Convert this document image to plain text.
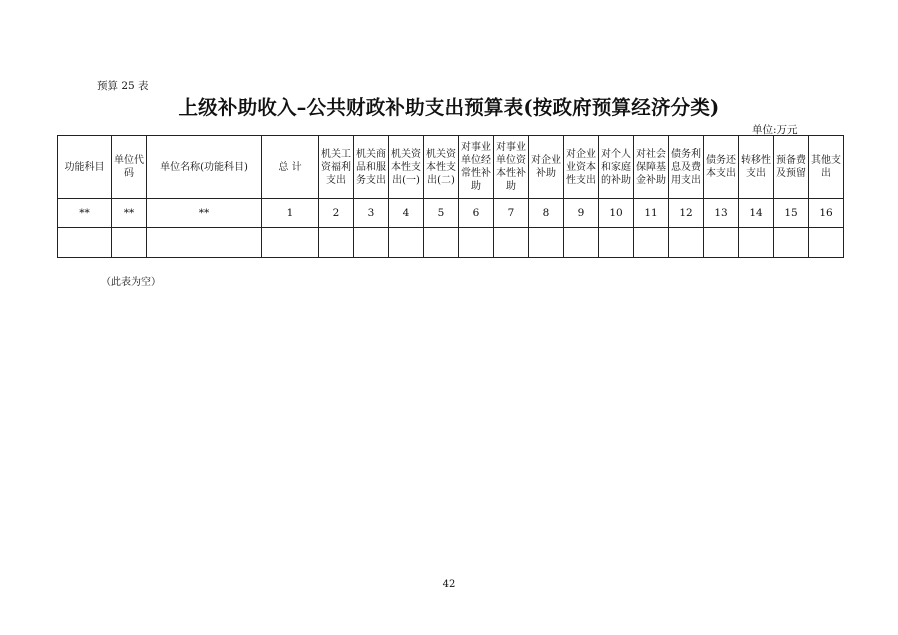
预算 25 表
上级补助收入–公共财政补助支出预算表(按政府预算经济分类)
单位:万元
功能科目	单位代码	单位名称(功能科目)	总 计	机关工资福利支出	机关商品和服务支出	机关资本性支出(一)	机关资本性支出(二)	对事业单位经常性补助	对事业单位资本性补助	对企业补助	对企业业资本性支出	对个人和家庭的补助	对社会保障基金补助	债务利息及费用支出	债务还本支出	转移性支出	预备费及预留	其他支出
**	**	**	1	2	3	4	5	6	7	8	9	10	11	12	13	14	15	16

（此表为空）
42
